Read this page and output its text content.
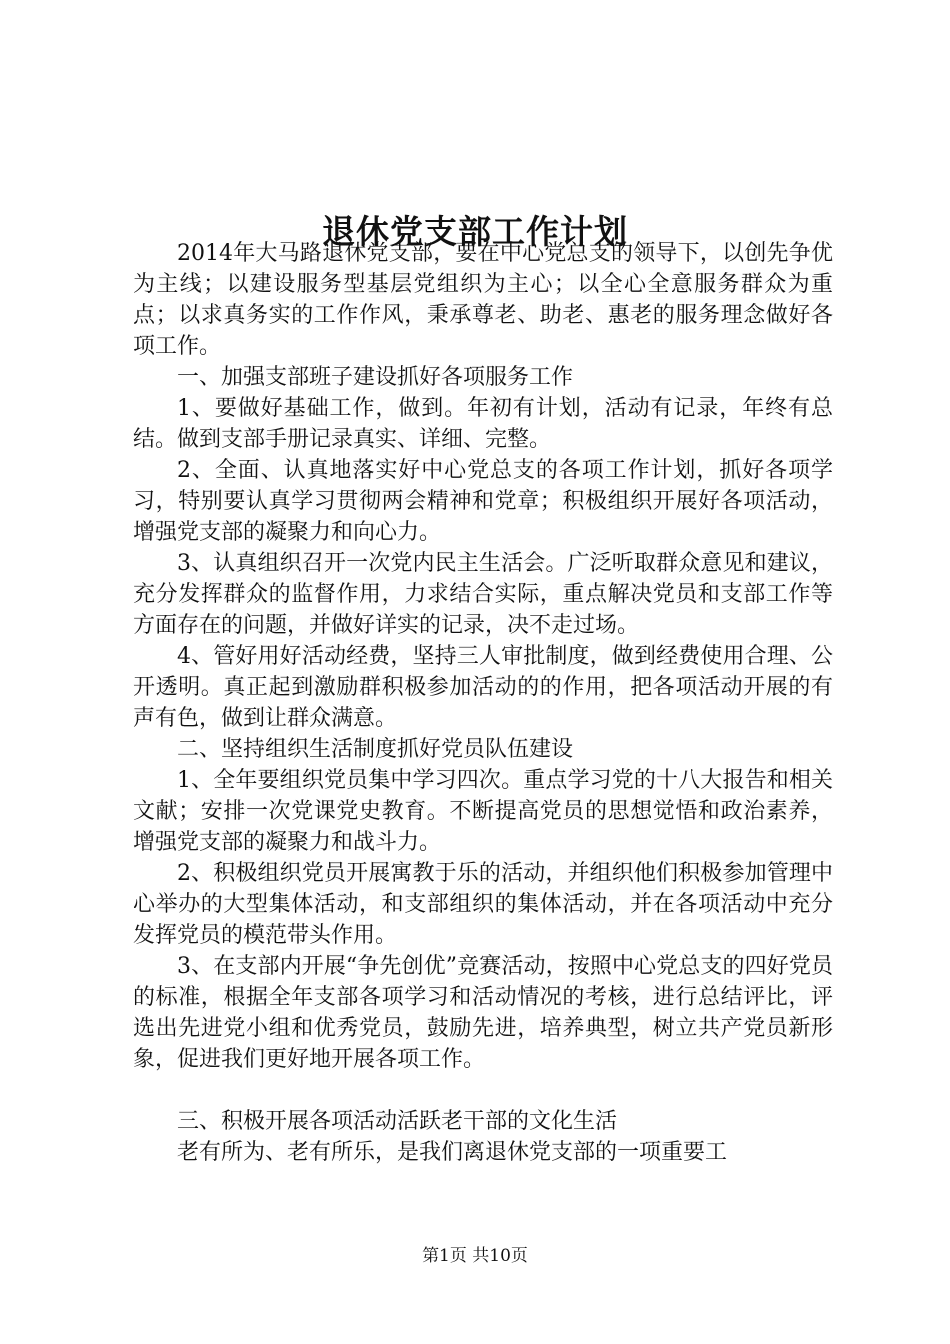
退休党支部工作计划

2014年大马路退休党支部，要在中心党总支的领导下，以创先争优为主线；以建设服务型基层党组织为主心；以全心全意服务群众为重点；以求真务实的工作作风，秉承尊老、助老、惠老的服务理念做好各项工作。

一、加强支部班子建设抓好各项服务工作

1、要做好基础工作，做到。年初有计划，活动有记录，年终有总结。做到支部手册记录真实、详细、完整。

2、全面、认真地落实好中心党总支的各项工作计划，抓好各项学习，特别要认真学习贯彻两会精神和党章；积极组织开展好各项活动，增强党支部的凝聚力和向心力。

3、认真组织召开一次党内民主生活会。广泛听取群众意见和建议，充分发挥群众的监督作用，力求结合实际，重点解决党员和支部工作等方面存在的问题，并做好详实的记录，决不走过场。

4、管好用好活动经费，坚持三人审批制度，做到经费使用合理、公开透明。真正起到激励群积极参加活动的的作用，把各项活动开展的有声有色，做到让群众满意。

二、坚持组织生活制度抓好党员队伍建设

1、全年要组织党员集中学习四次。重点学习党的十八大报告和相关文献；安排一次党课党史教育。不断提高党员的思想觉悟和政治素养，增强党支部的凝聚力和战斗力。

2、积极组织党员开展寓教于乐的活动，并组织他们积极参加管理中心举办的大型集体活动，和支部组织的集体活动，并在各项活动中充分发挥党员的模范带头作用。

3、在支部内开展“争先创优”竞赛活动，按照中心党总支的四好党员的标准，根据全年支部各项学习和活动情况的考核，进行总结评比，评选出先进党小组和优秀党员，鼓励先进，培养典型，树立共产党员新形象，促进我们更好地开展各项工作。

三、积极开展各项活动活跃老干部的文化生活

老有所为、老有所乐，是我们离退休党支部的一项重要工

第1页 共10页
